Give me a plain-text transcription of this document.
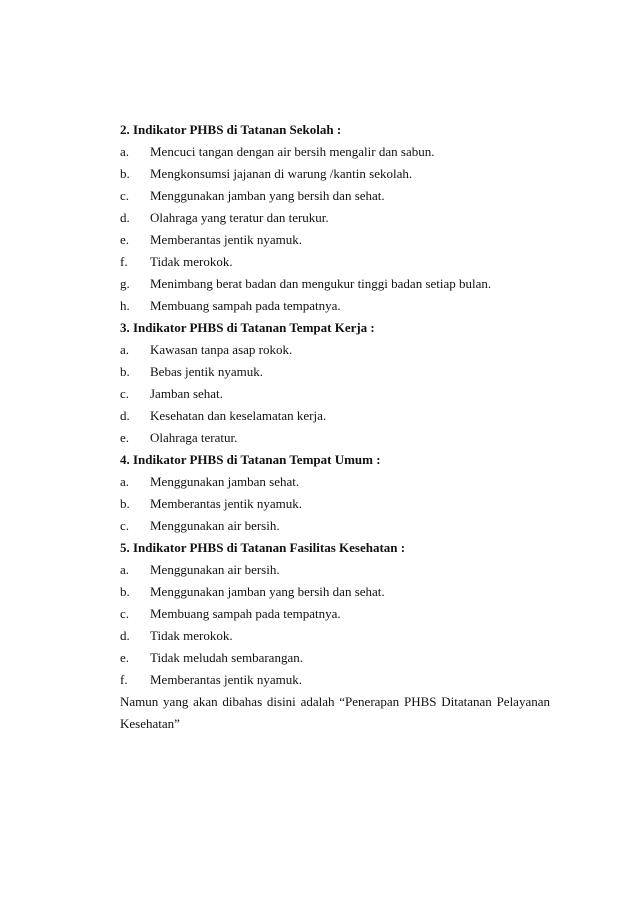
2. Indikator PHBS di Tatanan Sekolah :
a. Mencuci tangan dengan air bersih mengalir dan sabun.
b. Mengkonsumsi jajanan di warung /kantin sekolah.
c. Menggunakan jamban yang bersih dan sehat.
d. Olahraga yang teratur dan terukur.
e. Memberantas jentik nyamuk.
f. Tidak merokok.
g. Menimbang berat badan dan mengukur tinggi badan setiap bulan.
h. Membuang sampah pada tempatnya.
3. Indikator PHBS di Tatanan Tempat Kerja :
a. Kawasan tanpa asap rokok.
b. Bebas jentik nyamuk.
c. Jamban sehat.
d. Kesehatan dan keselamatan kerja.
e. Olahraga teratur.
4. Indikator PHBS di Tatanan Tempat Umum :
a. Menggunakan jamban sehat.
b. Memberantas jentik nyamuk.
c. Menggunakan air bersih.
5. Indikator PHBS di Tatanan Fasilitas Kesehatan :
a. Menggunakan air bersih.
b. Menggunakan jamban yang bersih dan sehat.
c. Membuang sampah pada tempatnya.
d. Tidak merokok.
e. Tidak meludah sembarangan.
f. Memberantas jentik nyamuk.
Namun yang akan dibahas disini adalah “Penerapan PHBS Ditatanan Pelayanan Kesehatan”
